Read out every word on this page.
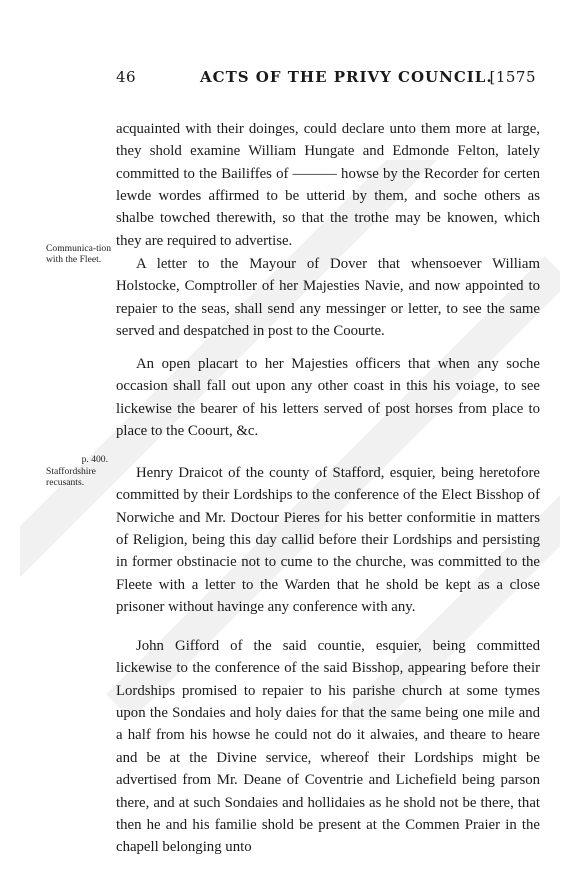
46	ACTS OF THE PRIVY COUNCIL.
[1575
Communica-tion with the Fleet.
p. 400.
Staffordshire recusants.

acquainted with their doinges, could declare unto them more at large, they shold examine William Hungate and Edmonde Felton, lately committed to the Bailiffes of ——— howse by the Recorder for certen lewde wordes affirmed to be utterid by them, and soche others as shalbe towched therewith, so that the trothe may be knowen, which they are required to advertise.

A letter to the Mayour of Dover that whensoever William Holstocke, Comptroller of her Majesties Navie, and now appointed to repaier to the seas, shall send any messinger or letter, to see the same served and despatched in post to the Coourte.

An open placart to her Majesties officers that when any soche occasion shall fall out upon any other coast in this his voiage, to see lickewise the bearer of his letters served of post horses from place to place to the Coourt, &c.

Henry Draicot of the county of Stafford, esquier, being heretofore committed by their Lordships to the conference of the Elect Bisshop of Norwiche and Mr. Doctour Pieres for his better conformitie in matters of Religion, being this day callid before their Lordships and persisting in former obstinacie not to cume to the churche, was committed to the Fleete with a letter to the Warden that he shold be kept as a close prisoner without havinge any conference with any.

John Gifford of the said countie, esquier, being committed lickewise to the conference of the said Bisshop, appearing before their Lordships promised to repaier to his parishe church at some tymes upon the Sondaies and holy daies for that the same being one mile and a half from his howse he could not do it alwaies, and theare to heare and be at the Divine service, whereof their Lordships might be advertised from Mr. Deane of Coventrie and Lichefield being parson there, and at such Sondaies and hollidaies as he shold not be there, that then he and his familie shold be present at the Commen Praier in the chapell belonging unto
